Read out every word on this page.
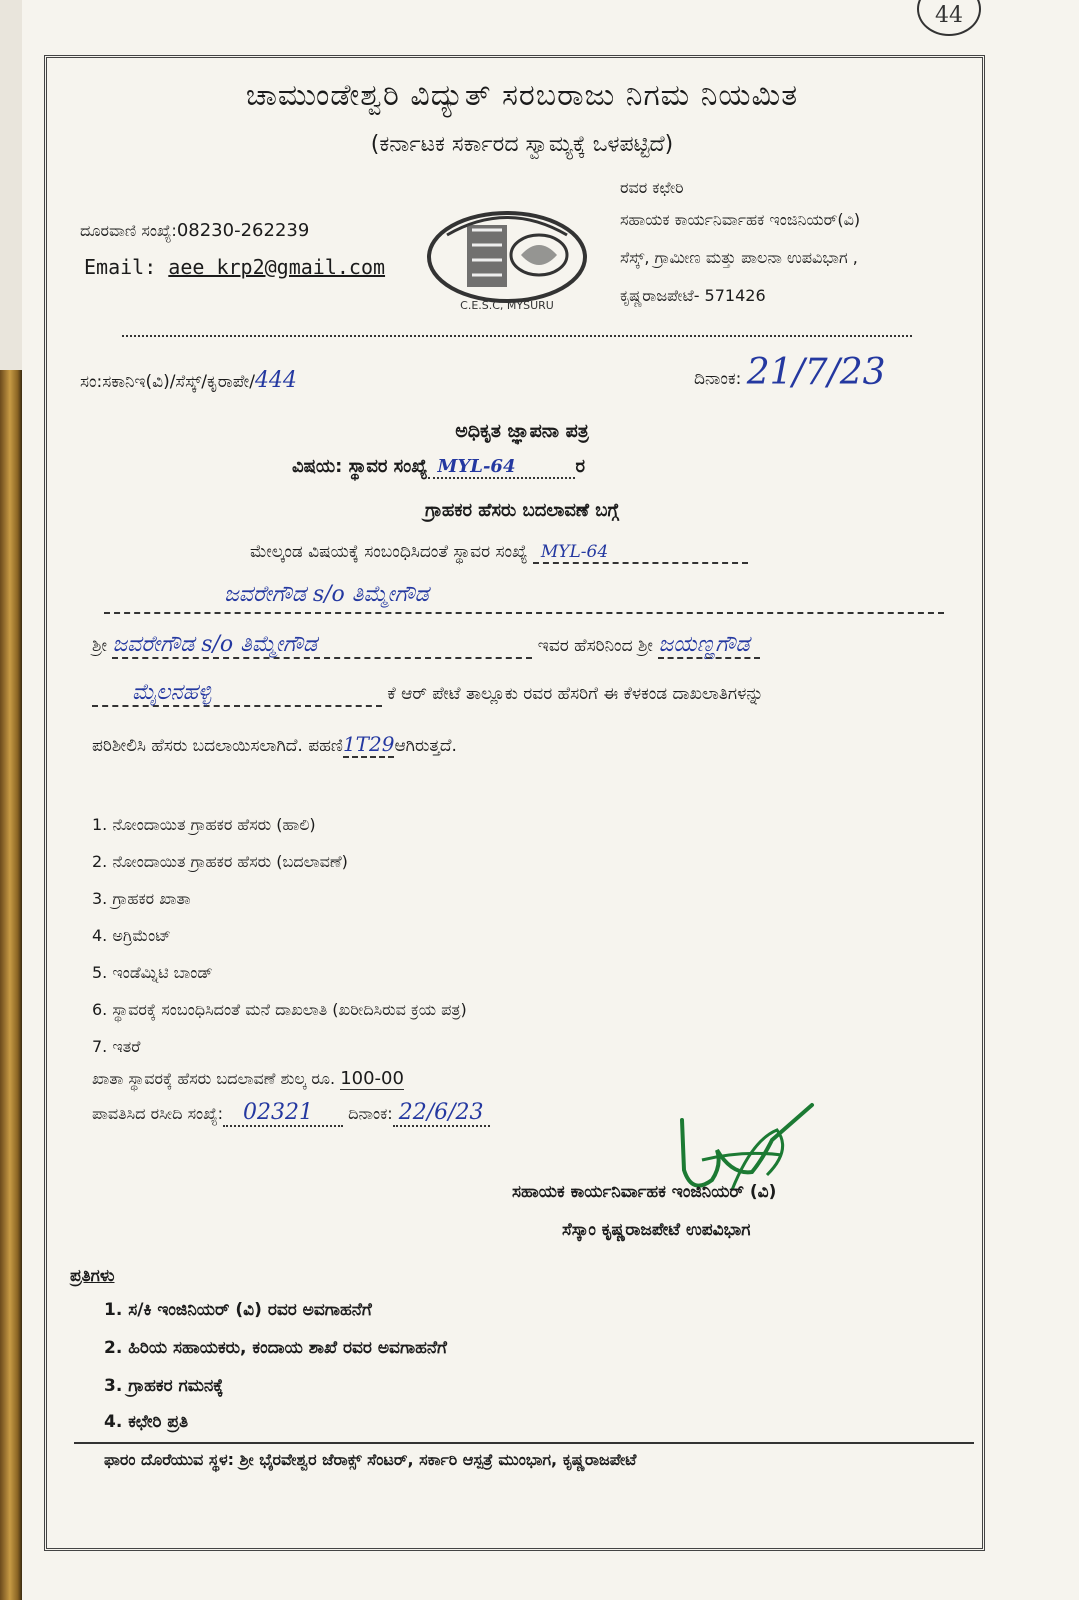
44
ಚಾಮುಂಡೇಶ್ವರಿ ವಿದ್ಯುತ್ ಸರಬರಾಜು ನಿಗಮ ನಿಯಮಿತ
(ಕರ್ನಾಟಕ ಸರ್ಕಾರದ ಸ್ವಾಮ್ಯಕ್ಕೆ ಒಳಪಟ್ಟಿದೆ)
ದೂರವಾಣಿ ಸಂಖ್ಯೆ:08230-262239
Email: aee krp2@gmail.com
C.E.S.C, MYSURU
ರವರ ಕಛೇರಿ
ಸಹಾಯಕ ಕಾರ್ಯನಿರ್ವಾಹಕ ಇಂಜಿನಿಯರ್(ವಿ)
ಸೆಸ್ಕ್, ಗ್ರಾಮೀಣ ಮತ್ತು ಪಾಲನಾ ಉಪವಿಭಾಗ ,
ಕೃಷ್ಣರಾಜಪೇಟೆ- 571426
ಸಂ:ಸಕಾನಿಇ(ವಿ)/ಸೆಸ್ಕ್/ಕೃರಾಪೇ/444	ದಿನಾಂಕ: 21/7/23
ಅಧಿಕೃತ ಜ್ಞಾಪನಾ ಪತ್ರ
ವಿಷಯ: ಸ್ಥಾವರ ಸಂಖ್ಯೆ MYL-64	ರ
ಗ್ರಾಹಕರ ಹೆಸರು ಬದಲಾವಣೆ ಬಗ್ಗೆ
ಮೇಲ್ಕಂಡ ವಿಷಯಕ್ಕೆ ಸಂಬಂಧಿಸಿದಂತೆ ಸ್ಥಾವರ ಸಂಖ್ಯೆ MYL-64
ಜವರೇಗೌಡ s/o ತಿಮ್ಮೇಗೌಡ
ಶ್ರೀ ಜವರೇಗೌಡ s/o ತಿಮ್ಮೇಗೌಡ	ಇವರ ಹೆಸರಿನಿಂದ ಶ್ರೀ ಜಯಣ್ಣಗೌಡ
ಮೈಲನಹಳ್ಳಿ	ಕೆ ಆರ್ ಪೇಟೆ ತಾಲ್ಲೂಕು ರವರ ಹೆಸರಿಗೆ ಈ ಕೆಳಕಂಡ ದಾಖಲಾತಿಗಳನ್ನು
ಪರಿಶೀಲಿಸಿ ಹೆಸರು ಬದಲಾಯಿಸಲಾಗಿದೆ. ಪಹಣಿ1T29ಆಗಿರುತ್ತದೆ.
1. ನೋಂದಾಯಿತ ಗ್ರಾಹಕರ ಹೆಸರು (ಹಾಲಿ)
2. ನೋಂದಾಯಿತ ಗ್ರಾಹಕರ ಹೆಸರು (ಬದಲಾವಣೆ)
3. ಗ್ರಾಹಕರ ಖಾತಾ
4. ಅಗ್ರಿಮೆಂಟ್
5. ಇಂಡೆಮ್ನಿಟಿ ಬಾಂಡ್
6. ಸ್ಥಾವರಕ್ಕೆ ಸಂಬಂಧಿಸಿದಂತೆ ಮನೆ ದಾಖಲಾತಿ (ಖರೀದಿಸಿರುವ ಕ್ರಯ ಪತ್ರ)
7. ಇತರೆ
ಖಾತಾ ಸ್ಥಾವರಕ್ಕೆ ಹೆಸರು ಬದಲಾವಣೆ ಶುಲ್ಕ ರೂ. 100-00
ಪಾವತಿಸಿದ ರಸೀದಿ ಸಂಖ್ಯೆ: 02321 ದಿನಾಂಕ: 22/6/23
ಸಹಾಯಕ ಕಾರ್ಯನಿರ್ವಾಹಕ ಇಂಜಿನಿಯರ್ (ವಿ)
ಸೆಸ್ಕಾಂ ಕೃಷ್ಣರಾಜಪೇಟೆ ಉಪವಿಭಾಗ
ಪ್ರತಿಗಳು
1. ಸ/ಕಿ ಇಂಜಿನಿಯರ್ (ವಿ) ರವರ ಅವಗಾಹನೆಗೆ
2. ಹಿರಿಯ ಸಹಾಯಕರು, ಕಂದಾಯ ಶಾಖೆ ರವರ ಅವಗಾಹನೆಗೆ
3. ಗ್ರಾಹಕರ ಗಮನಕ್ಕೆ
4. ಕಛೇರಿ ಪ್ರತಿ
ಫಾರಂ ದೊರೆಯುವ ಸ್ಥಳ: ಶ್ರೀ ಭೈರವೇಶ್ವರ ಜೆರಾಕ್ಸ್ ಸೆಂಟರ್, ಸರ್ಕಾರಿ ಆಸ್ಪತ್ರೆ ಮುಂಭಾಗ, ಕೃಷ್ಣರಾಜಪೇಟೆ
